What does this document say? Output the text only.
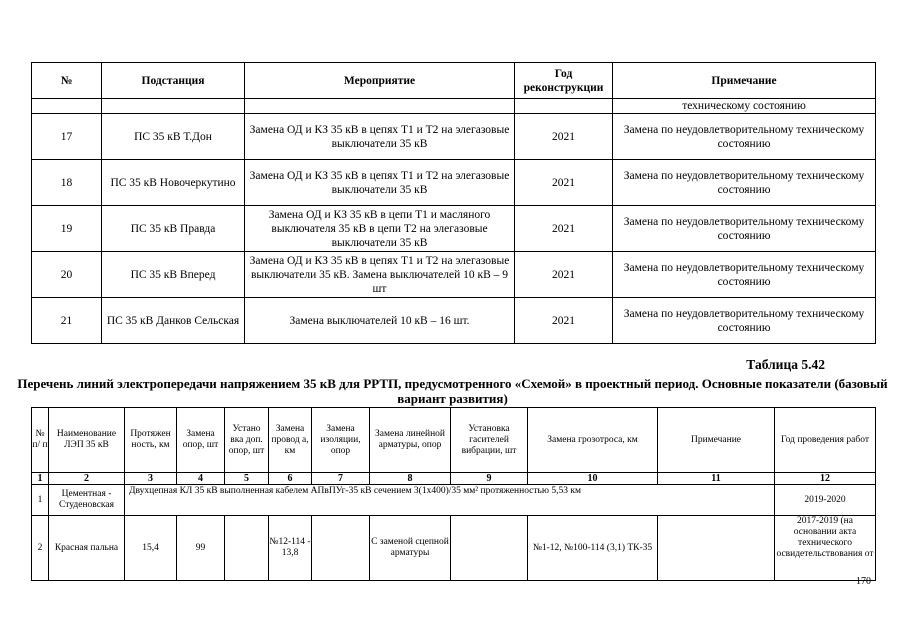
№	Подстанция	Мероприятие	Год реконструкции	Примечание
				техническому состоянию
17	ПС 35 кВ Т.Дон	Замена ОД и КЗ 35 кВ в цепях Т1 и Т2 на элегазовые выключатели 35 кВ	2021	Замена по неудовлетворительному техническому состоянию
18	ПС 35 кВ Новочеркутино	Замена ОД и КЗ 35 кВ в цепях Т1 и Т2 на элегазовые выключатели 35 кВ	2021	Замена по неудовлетворительному техническому состоянию
19	ПС 35 кВ Правда	Замена ОД и КЗ 35 кВ в цепи Т1 и масляного выключателя 35 кВ в цепи Т2 на элегазовые выключатели 35 кВ	2021	Замена по неудовлетворительному техническому состоянию
20	ПС 35 кВ Вперед	Замена ОД и КЗ 35 кВ в цепях Т1 и Т2 на элегазовые выключатели 35 кВ. Замена выключателей 10 кВ – 9 шт	2021	Замена по неудовлетворительному техническому состоянию
21	ПС 35 кВ Данков Сельская	Замена выключателей 10 кВ – 16 шт.	2021	Замена по неудовлетворительному техническому состоянию
Таблица 5.42
Перечень линий электропередачи напряжением 35 кВ для РРТП, предусмотренного «Схемой» в проектный период. Основные показатели (базовый вариант развития)
№ п/ п	Наименование ЛЭП 35 кВ	Протяжен ность, км	Замена опор, шт	Устано вка доп. опор, шт	Замена провод а, км	Замена изоляции, опор	Замена линейной арматуры, опор	Установка гасителей вибрации, шт	Замена грозотроса, км	Примечание	Год проведения работ
1	2	3	4	5	6	7	8	9	10	11	12
1	Цементная - Студеновская	Двухцепная КЛ 35 кВ выполненная кабелем АПвПУг-35 кВ сечением 3(1х400)/35 мм² протяженностью 5,53 км									2019-2020
2	Красная пальна	15,4	99		№12-114 - 13,8		С заменой сцепной арматуры		№1-12, №100-114 (3,1) ТК-35		2017-2019 (на основании акта технического освидетельствования от
170
